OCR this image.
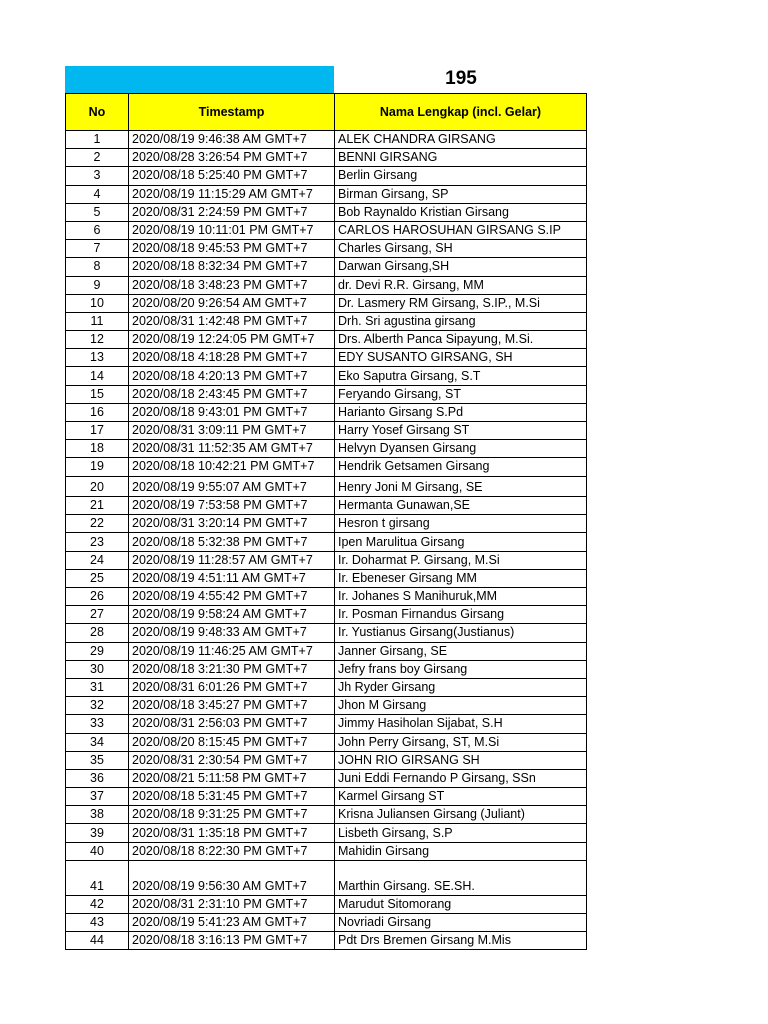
195
No	Timestamp	Nama Lengkap (incl. Gelar)
1	2020/08/19 9:46:38 AM GMT+7	ALEK CHANDRA GIRSANG
2	2020/08/28 3:26:54 PM GMT+7	BENNI GIRSANG
3	2020/08/18 5:25:40 PM GMT+7	Berlin Girsang
4	2020/08/19 11:15:29 AM GMT+7	Birman Girsang, SP
5	2020/08/31 2:24:59 PM GMT+7	Bob Raynaldo Kristian Girsang
6	2020/08/19 10:11:01 PM GMT+7	CARLOS HAROSUHAN GIRSANG S.IP
7	2020/08/18 9:45:53 PM GMT+7	Charles Girsang, SH
8	2020/08/18 8:32:34 PM GMT+7	Darwan Girsang,SH
9	2020/08/18 3:48:23 PM GMT+7	dr. Devi R.R. Girsang, MM
10	2020/08/20 9:26:54 AM GMT+7	Dr. Lasmery RM Girsang, S.IP., M.Si
11	2020/08/31 1:42:48 PM GMT+7	Drh. Sri agustina girsang
12	2020/08/19 12:24:05 PM GMT+7	Drs. Alberth Panca Sipayung, M.Si.
13	2020/08/18 4:18:28 PM GMT+7	EDY SUSANTO GIRSANG, SH
14	2020/08/18 4:20:13 PM GMT+7	Eko Saputra Girsang, S.T
15	2020/08/18 2:43:45 PM GMT+7	Feryando Girsang, ST
16	2020/08/18 9:43:01 PM GMT+7	Harianto Girsang S.Pd
17	2020/08/31 3:09:11 PM GMT+7	Harry Yosef Girsang ST
18	2020/08/31 11:52:35 AM GMT+7	Helvyn Dyansen Girsang
19	2020/08/18 10:42:21 PM GMT+7	Hendrik Getsamen Girsang
20	2020/08/19 9:55:07 AM GMT+7	Henry Joni M Girsang, SE
21	2020/08/19 7:53:58 PM GMT+7	Hermanta Gunawan,SE
22	2020/08/31 3:20:14 PM GMT+7	Hesron t girsang
23	2020/08/18 5:32:38 PM GMT+7	Ipen Marulitua Girsang
24	2020/08/19 11:28:57 AM GMT+7	Ir. Doharmat P. Girsang, M.Si
25	2020/08/19 4:51:11 AM GMT+7	Ir. Ebeneser Girsang MM
26	2020/08/19 4:55:42 PM GMT+7	Ir. Johanes S Manihuruk,MM
27	2020/08/19 9:58:24 AM GMT+7	Ir. Posman Firnandus Girsang
28	2020/08/19 9:48:33 AM GMT+7	Ir. Yustianus Girsang(Justianus)
29	2020/08/19 11:46:25 AM GMT+7	Janner Girsang, SE
30	2020/08/18 3:21:30 PM GMT+7	Jefry frans boy Girsang
31	2020/08/31 6:01:26 PM GMT+7	Jh Ryder Girsang
32	2020/08/18 3:45:27 PM GMT+7	Jhon M Girsang
33	2020/08/31 2:56:03 PM GMT+7	Jimmy Hasiholan Sijabat, S.H
34	2020/08/20 8:15:45 PM GMT+7	John Perry Girsang, ST, M.Si
35	2020/08/31 2:30:54 PM GMT+7	JOHN RIO GIRSANG SH
36	2020/08/21 5:11:58 PM GMT+7	Juni Eddi Fernando P Girsang, SSn
37	2020/08/18 5:31:45 PM GMT+7	Karmel Girsang ST
38	2020/08/18 9:31:25 PM GMT+7	Krisna Juliansen Girsang (Juliant)
39	2020/08/31 1:35:18 PM GMT+7	Lisbeth Girsang, S.P
40	2020/08/18 8:22:30 PM GMT+7	Mahidin Girsang
41	2020/08/19 9:56:30 AM GMT+7	Marthin Girsang. SE.SH.
42	2020/08/31 2:31:10 PM GMT+7	Marudut Sitomorang
43	2020/08/19 5:41:23 AM GMT+7	Novriadi Girsang
44	2020/08/18 3:16:13 PM GMT+7	Pdt Drs Bremen Girsang M.Mis
